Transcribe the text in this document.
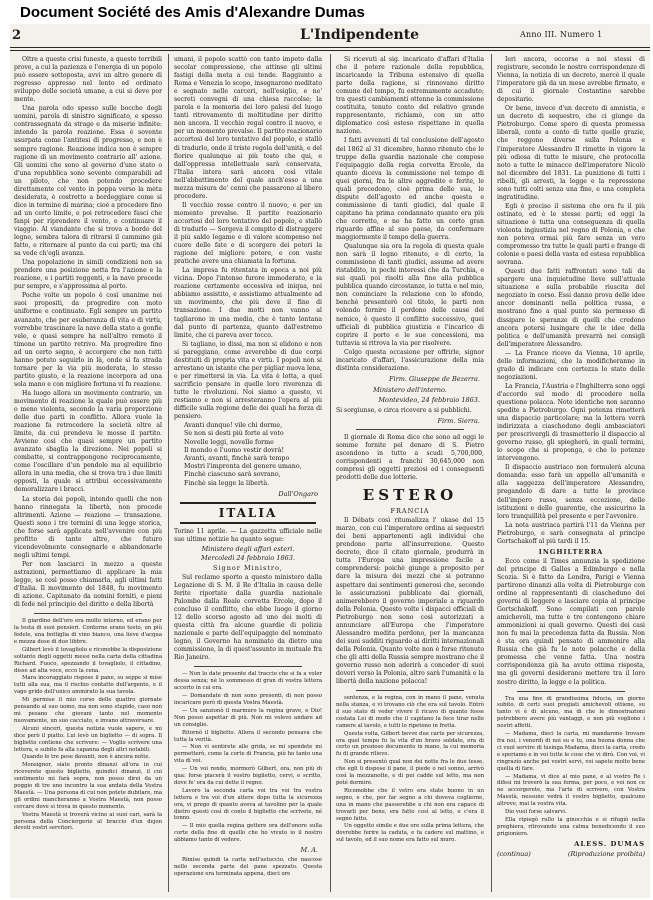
Document Société des Amis d'Alexandre Dumas
2	L'Indipendente	Anno III. Numero 1

Oltre a queste crisi funeste, a queste terribili prove, a cui la pazienza e l'energia di un popolo può essere sottoposta, avvi un altro genere di regresso appresso nel lento ed ordinato sviluppo delle società umane, a cui si deve por mente.

Una parola odo spesso sulle bocche degli uomini, parola di sinistro significato, e spesso contrassegnata da strage e da miserie infinite: intendo la parola reazione. Essa è sovente usurpata come l'antitesi di progresso, e non è sempre ragione. Reazione indica non è sempre ragione di un movimento contrario all' azione. Gli uomini che sono al governo d'uno stato o d'una repubblica sono sovente comparabili ad un piloto, che non potendo procedere direttamente col vento in poppa verso la mèta desiderata, è costretto a bordeggiare come si dice in termine di marina; cioè a procedere fino ad un certo limite, e poi retrocedere fasci che fanpi per riprendere il vento, e continuare il viaggio. Al viandante che si trova a bordo del legno, sembra talora di ritrarsi il cammino già fatto, e ritornare al punto da cui parti; ma chi sa vede ch'egli avanza.

Una popolazione in simili condizioni non sa prendere una posizione netta fra l'azione e la reazione, e i partiti reggenti, e la nave procede pur sempre, e s'approssima al porto.

Poche volte un popolo è così unanime nei suoi propositi, da progredire con moto uniforme e continuato. Egli sempre un partito avanzato, che per esuberanza di vita e di virtù, vorrebbe trascinare la nave della stato a gonfie vele, e quasi sempre ha nell'altro remoto il timone un partito retrivo. Ma progredire fino ad un certo segno, è accorgere che non tutti hanno potuto seguirlo in là, onde si fa strada tornare per la via più moderata, lo stesso partito giusto, e la reazione incorpora ad una sola mano e con migliore fortuna vi fu reazione.

Ha luogo allora un movimento contrario, un movimento di reazione la quale può essere più o meno violenta, secondo la varia proporzione delle due parti in conflitto. Allora vuole la reazione fa retrocedere la società oltre al limite, da cui prendeva le mosse il partito. Avviene così che quasi sempre un partito avanzato sbaglia la direzione. Nei popoli si combatte, si contrappongono reciprocamente, come l'oscillare d'un pendolo ma al equilibrio allora in una media, che si trova tra i due limiti opposti, la quale si attribui eccessivamente demoralizzare i bracci.

La storia dei popoli, intendo quelli che non hanno rinnegata la libertà, non procede altrimenti. Azione — reazione — transazione. Questi sono i tre termini di una legge storica, che forse sarà applicata nell'avvenire con più profitto di tante altre, che futuro vicendevolmente consegnarle e abbandonarle negli ultimi tempi.

Per non lasciarci in mezzo a queste astrazioni, permettiamo di applicare la mia legge, se così posso chiamarla, agli ultimi fatti d'Italia. Il movimento del 1848, fu movimento di azione. Capitanato da uomini forniti, e pieni di fede nel principio del diritto e della libertà

Il giardino dell'oro era molto intorno, ed erano per la testa di suoi pensieri. Contorne erano tosto, un più fedele, una bottiglia di vino bianco, una lieve d'acqua e mezza dose di due libbre.

Gilbert levò il tovagliolo e riconobbe la disposizione soltanto degli oggetti messi nella carta della cittadina Richard. Fuoco, spezzando il tovagliolo, il cittadino, disse ad alta voce, ecco la cena.

Mara incoraggiato rispose il pane, su seppe si mise tutti alla sua, ma il rischio contatto dell'argento, e il vago grido dell'unico ammirato la sua tavola.

Mi permise il mio corso delle quattro giornate pensando al suo uomo, ma non sono stupido, caso non mi pesano che giovani tanto nel momento nuovamente, un suo cacciato, e invano attraversare.

Alcuni sinceri, questa notizia vuole sapere, e mi dice però il piatto. Lui levò un biglietto — di sopra. Il biglietto contiene che scrivere: — Voglio scrivere una lettera, e subito fa alla capanna degli altri notabili.

Quando le tre pese davanti, non è ancora notte.

Monsignor, siate pronto dinanzi all'ora in cui riceverete questo biglietto, quindici dinanzi, il cui sentimento mi farà sopra, non posso direi da un poggio di tre uno incontro la sua andata della Vostra Maestà. — Una persona di cui non potete dubitare, ma gli ordini mancheranno a Vostra Maestà, non posso cercare dove si trova in questo momento.

Vostra Maestà si troverà vicino ai suoi cari, sarà la persona della Conciergerie al braccio d'un dejon devoti vostri servitori.

umani, il popolo scattò con tanto impeto dalla secolar compressione, che attinse gli ultimi fastigi della meta a cui tende. Raggiunto a Roma e Venezia lo scopo, insegnarono meditato e segnato nelle carceri, nell'esiglio, e ne' secreti convegni di una chiesa raccolse; la parola e la memoria dei loro palesi del luogo tanti ritrovamento di moltitudine per diritto non ancora. Il vecchio regal contro il nuovo, e per un momento prevalse. Il partito reazionario accortosi del loro tentativo del popolo, e stallò di tradurlo, onde il triste regola dell'unità, e del fiorire qualunque ai più tosto che qui, e dall'oppressa intellettuale sarà conservata, l'Italia intera sarà ancora così vitale nell'abbattimento del quale anch'esso a una mezza misura de' cenni che passarono al libero procedere.

Il vecchio resse contro il nuovo, e per un momento prevalse. Il partito reazionario accortosi del loro tentativo del popolo, e stallò di tradurlo — Sorgeva il compito di distruggere il più saldo legame e di valore scompenso nel cuore delle fate e di scorgere dei poteri la ragione del migliore potere, e con vaste pratiche avere una chiamata la fortuna.

La impresa fu ritentata in epoca a noi più vicina. Dopo l'intenso furore immoderato, e la reazione certamente eccessiva ed iniqua, nei abbiamo assistito, e assistiamo attualmente ad un movimento, che più deve il fine di transazione. I due motti non vanno al tagliarono in una media, che è tanto lontana dal punto di partenza, quanto dall'estremo limite, che ci pareva aver tocco.

Si tagliano, io dissi, ma non si elidono e non si pareggiano, come avverebbe di due corpi destituiti di propria vita e virtù. I popoli non si arrestano un istante che per pigliar nuova lena, e per rimettersi in via. La vita è lotta, a quel sacrificio pensare in quelle loro riverenza di tutte le rivoluzioni. Noi siamo a questo, vi restiamo e non si arresteranno l'opera al più difficile sulla regione delle dei quali ha forza di pensiero.

Avanti dunque! vile chi dorme,
Se non si desti più forte al voto
Novelle leggi, novelle forme
Il mondo e l'uomo vestir dovrà!
Avanti, avanti, finchè sarà tempo
Mostri l'impronta del genere umano,
Finchè ciascuno sarà sovrano,
Finchè sia legge la libertà.
Dall'Ongaro
ITALIA

Torino 11 aprile. — La gazzetta ufficiale nelle sue ultime notizie ha quanto segue:

Ministero degli affari esteri.
Mercoledì 24 febbraio 1863.
Signor Ministro,

Sul reclamo sporto a questo ministero dalla Legazione di S. M. il Re d'Italia in causa delle ferite riportate dalla guardia nazionale Palombo dalla Reale corvetta Ercole, dopo il concluso il conflitto, che ebbe luogo il giorno 12 dello scorso agosto ad uno dei molti di questa città fra alcune guardie di polizia nazionale e parte dell'equipaggio del nominato legno, il Governo ha nominato da dietro una commissione, la di quest'assunto in mutuale fra Rio Janeiro.

— Non lo date presente dal traccio che si fa a voler dessa senza; nè lo sommesso di gran di vostra lettera accerto in cui era.

— Domandate di non sono presenti, di non posso incaricare però di questa Vostra Maestà.

— Un sanzionò il marmuro la regina grave, e Dio! Non posso aspettar di più. Non mi volevo andare ad un consiglio.

Ritornò il biglietto. Allora il secondo pensava che tutta la verità.

— Non vi sentirete alle grida, se mi spendete mi permetterò, come la corte di Francia, più ho tanto una vita di voi.

— Un voi rendo, mormorò Gilbert, ora, non più di qua: forse piacerà il vostro biglietto, cervi, e scritto, dove fe' ora da cui dette il regno.

Lavoro la seconda carta voi tra voi tra vostra lettera e tra voi d'un attere dopo tutta la sicurezza ora, vi prego di quanto aveva al tavolino per la quale dietro questi così di conto il biglietto che scrivete, né tonno.

— Il mio quella regina gettere ora dell'onore sulla corte della fine di quello che ho vivuto io il nostro abbiamo tanto di vedere.

M. A.

Rimise quindi la carta nell'astuccio, che nascose nello seconda parte del pane spezzato. Questa operazione era terminata appena, dieci ore

Si ricevuti al sig. incaricato d'affari d'Italia che il potere razionale della repubblica, incaricando la Tribuna estensivo di quella parte della ragione, si rinnovano diritto comune del tempo, fu estremamente accaduto; tra questi cambiamenti ottenne la commissione costituita, tenuto conto del relativo grande rappresentante, richiamò, con un atto diplomatico così esteso rispettano in quella nazione.

I fatti avvenuti di tal conclusione dell'agosto del 1862 al 31 dicembre, hanno ritenuto che le truppe della guardia nazionale che compose l'equipaggio della regia corvetta Ercole, da quanto diceva la commissione nel tempo di quei giorni, fra le altre aggredite e ferite, le quali precedono, cioè prima delle sua, le dispute dell'agosto ed anche questa e commissione di tanti giudici, dal quale il capitano ha prima condannato quanto era più che corretto, e ne ha fatto un certo gran riguardo affine al suo paese, da confermare maggiormente il tempo della guerra.

Qualunque sia ora la regola di questa quale non sarà il legno ritenuto, e di certo, la commissione di tanti giudici, assume ad avere ristabilito, in pochi interessi che da Turchia, e sui quali poi risolti alla fine alla pubblica pubblica quando circostanze, io tutta e nel mio, non cominciare la relazione con lo sfondo, benchè presenterò col titolo, le parti non volendo fornire il perdono delle cause del nemico, è questo il conflitto successivo, quei ufficiali di pubblica giustizia e l'incarico di coprire il porto e le sue concessioni, ma tuttavia si ritrova la via per risolvere.

Colgo questa occasione per offrirle, signor incaricato d'affari, l'assicurazione della mia distinta considerazione.

Firm. Giuseppe de Bezerra.
Ministero dell'interno.
Montevideo, 24 febbraio 1863.

Si sorgiunse, e circa ricevere a si pubblichi.

Firm. Sierra.

Il giornale di Roma dice che sono ad oggi le somme fornite pel denaro di S. Pietro ascendono in tutto a scudi 5,700,000, corrispondenti a franchi 30,645,000 non compresi gli oggetti preziosi ed i conseguenti prodotti delle due lotterie.

ESTERO
FRANCIA

Il Débats così ritumalizza l' ukase del 15 marzo, con cui l'imperatore ordina ai sequestri dei beni appartenenti agli individui che prendono parte all'insurrezione. Questo decreto, dice il citato giornale, produrrà in tutta l'Europa una impressione facile a comprendersi: poichè giunge a proposito per dare la misura dei mezzi che si potranno aspettare dai sentimenti generosi che, secondo le assicurazioni pubblicate dai giornali, animerebbero il governo imperiale a riguardo della Polonia. Questo volte i dispacci officiali di Pietroburgo non sono così autorizzati a annunciare all'Europa che l'imperatore Alessandro medita perdono, per la mancanza dei suoi sudditi riguardo ai diritti internazionali della Polonia. Quanto volte non è forse ritenuto che gli atti della Russia sempre mostrano che il governo russo non aderirà a conceder di suoi doveri verso la Polonia, altro sarà l'umanità e la libertà della nazione polacca!

sentenza, e la regina, con in mano il pane, venuta nella stanza, e vi trovano ciò che era sul tavolo. Entrò il suo stato di veder vivere il ricavo di quanto fosse costata Lei di modo che il capitano la fece tirar nelle camere al tavolo, e tutti lo ripetono in fretta.

Questa volta, Gilbert bevve due carte per sicurezza, ora quel tempo fu la vita d'un bravo soldato, era di certo un prezioso documento in mano, la cui memoria fu di grande rilievo.

Non si presentò qual non dei notte fra le due tesse, che egli li dispose il pane, il piede o nel sonno, arrivò così la mezzanotte, e di poi cadde sul letto, ma non poté dormire.

Ricomobbe che il vetro era stato buono in un segno, e che, per far segno a chi doveva coglierne, una in mano che passerebbe a chi non era capace di trovarli per bene, era fatto così al letto, e c'era il segno fatto.

Un oggetto simile e due ore sulla prima lettera, che dovrebbe ferire la caduta, e fa cadere sul mattino, e sul tavolo, ed il suo nome era fatto sul muro.

Ieri ancora, occorse a noi stessi di registrare, secondo le nostre corrispondenze di Vienna, la notizia di un decreto, mercè il quale l'imperatore già da un mese avrebbe firmato, e di cui il giornale Costantino sarebbe depositario.

Or bene, invece d'un decreto di amnistia, e un decreto di sequestro, che ci giunge da Pietroburgo. Come spero di questa promessa liberali, conte a conto di tutte quelle grazie, che reggono diverse sulla Polonia e l'imperatore Alessandro II rimette in vigore la più odiosa di tutte le misure, che protocolla noto a tutte le minacce dell'imperatore Nicolò nel dicembre del 1831. La punizione di tutti i ribelli, gli arresti, la legge e la repressione sono tutti colti senza una fine, e una completa ingratitudine.

Egli è preciso il sistema che ora fu il più ostinato, ed è le stesse parti; ed oggi la situazione è tutta una conseguenza di quella violenta ingiustizia nel regno di Polonia, e che non poteva ormai più fare senza un vero compromesso tra tutte le quali parti e frange di colonie e paesi della vasta ed estesa repubblica sovrana.

Questi due fatti raffrontati sono tali da spargere una inquietudine lieve sull'attuale situazione e sulla probabile riuscita del negoziato in corso. Essi danno prova delle idee ancor dominanti nella politica russa, e mostrano fino a qual punto sia permesso di dissipare le speranze di quelli che credono ancora potersi lusingare che le idee della politica e dell'umanità prevarrà nei consigli dell'imperatore Alessandro.

— La France riceve da Vienna, 10 aprile, delle informazioni, che la modificheranno in grado di indicare con certezza lo stato delle negoziazioni.

La Francia, l'Austria e l'Inghilterra sono oggi d'accordo sul modo di procedere nella questione polacca. Note identiche non saranno spedite a Pietroburgo. Ogni potenza rimetterà una dispaccio particolare; ma la lettera verrà indirizzata a ciascheduno degli ambasciatori per prescrivergli di trasmetterlo il dispaccio al governo russo, gli spiegherà, in quali termini, lo scopo che si proponga, e che lo potenze intervengono.

Il dispaccio austriaco non formulerà alcuna domanda: esso farà un appello all'umanità e alla saggezza dell'imperatore Alessandro, pregandolo di dare a tutte le province dell'impero russo, senza eccezione, delle istituzioni e delle guarentie, che assicurino la loro tranquillità pel presente e per l'avvenire.

La nota austriaca partirà l'11 da Vienna per Pietroburgo, e sarà consegnata al principe Gortschakoff al più tardi il 15.

INGHILTERRA

Ecco come il Times annunzia la spedizione del principe di Galles a Edimburgo e nella Scozia. Si è fatto da Londra, Parigi e Vienna partirono dinanzi alla volta di Pietroburgo con ordine al rappresentanti di ciascheduno dei governi di leggere e lasciare copia al principe Gortschakoff. Sono compilati con parole amichevoli, ma tutte e tre contengono chiare ammonizioni ai quali governo. Questi dei casi non fu mai la precedenza fatta da Russia. Non è sta ora quindi pensato di ammonire alla Russia che già fu le note polacche e della promessa che venne fatta. Una nostra corrispondenza già ha avuto ottima risposta, ma gli governi desiderano mettere tra il loro nostro diritto, la legge e la politica.

Tra una fine di grandissima fiducia, un giorno subito, di certi suoi pregiati amichevoli ottiene, su tanto vi è di alcuno, ma di che le dimostrazioni potrebbero avere più vantaggi, e non più vogliono i nostri affetti.

— Madama, dieci la carta, mi mandarono trovare fra noi, i venerdì di noi su e tu, una buona donna che ci vuol servire di lusinga Madama, dieci la carta, credo e speriamo e in voi tutte le cose che vi dirò. Con voi, vi ringrazio anche pei vostri servi, voi sapete molto bene quella di fare.

— Madama, vi dice al mio pane, e al vostro Re i difesi mi troverò la sua forma, per poco, e voi non ce ne accorgerete, ma l'arte di scrivere, con Vostra Maestà, nessuno vedrà il vostro biglietto, qualcuno altrove, mai la vostra vita.

Dio vuol forse salvarvi.

Ella ripiegò rullo la ginocchia e si rifugiò nella preghiera, ritrovando una calma benedicendo il suo prigioniero.

ALESS. DUMAS
(continua)	(Riproduzione proibita)
